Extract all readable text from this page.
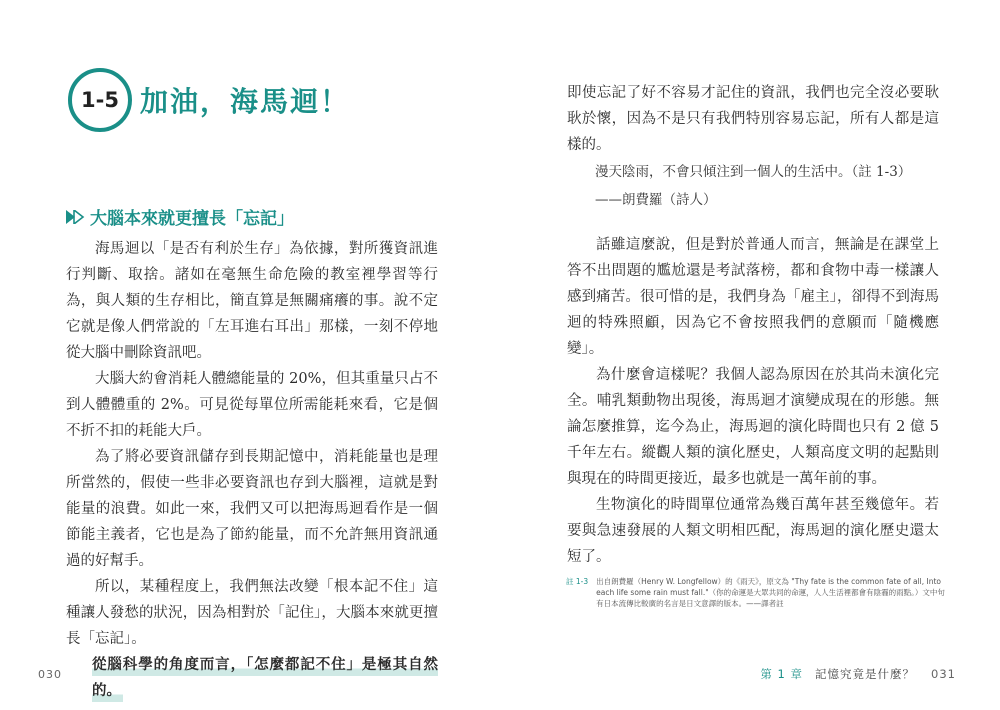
1-5 加油，海馬迴！
大腦本來就更擅長「忘記」

海馬迴以「是否有利於生存」為依據，對所獲資訊進行判斷、取捨。諸如在毫無生命危險的教室裡學習等行為，與人類的生存相比，簡直算是無關痛癢的事。說不定它就是像人們常說的「左耳進右耳出」那樣，一刻不停地從大腦中刪除資訊吧。

大腦大約會消耗人體總能量的 20%，但其重量只占不到人體體重的 2%。可見從每單位所需能耗來看，它是個不折不扣的耗能大戶。

為了將必要資訊儲存到長期記憶中，消耗能量也是理所當然的，假使一些非必要資訊也存到大腦裡，這就是對能量的浪費。如此一來，我們又可以把海馬迴看作是一個節能主義者，它也是為了節約能量，而不允許無用資訊通過的好幫手。

所以，某種程度上，我們無法改變「根本記不住」這種讓人發愁的狀況，因為相對於「記住」，大腦本來就更擅長「忘記」。

從腦科學的角度而言，「怎麼都記不住」是極其自然的。

030

即使忘記了好不容易才記住的資訊，我們也完全沒必要耿耿於懷，因為不是只有我們特別容易忘記，所有人都是這樣的。

漫天陰雨，不會只傾注到一個人的生活中。（註 1-3）
——朗費羅（詩人）

話雖這麼說，但是對於普通人而言，無論是在課堂上答不出問題的尷尬還是考試落榜，都和食物中毒一樣讓人感到痛苦。很可惜的是，我們身為「雇主」，卻得不到海馬迴的特殊照顧，因為它不會按照我們的意願而「隨機應變」。

為什麼會這樣呢？我個人認為原因在於其尚未演化完全。哺乳類動物出現後，海馬迴才演變成現在的形態。無論怎麼推算，迄今為止，海馬迴的演化時間也只有 2 億 5 千年左右。縱觀人類的演化歷史，人類高度文明的起點則與現在的時間更接近，最多也就是一萬年前的事。

生物演化的時間單位通常為幾百萬年甚至幾億年。若要與急速發展的人類文明相匹配，海馬迴的演化歷史還太短了。

註 1-3 出自朗費羅（Henry W. Longfellow）的《雨天》，原文為 "Thy fate is the common fate of all, Into each life some rain must fall."（你的命運是大眾共同的命運，人人生活裡都會有陰霾的雨點。）文中句有日本流傳比較廣的名言是日文意譯的版本。——譯者註
第 1 章 記憶究竟是什麼？ 031
